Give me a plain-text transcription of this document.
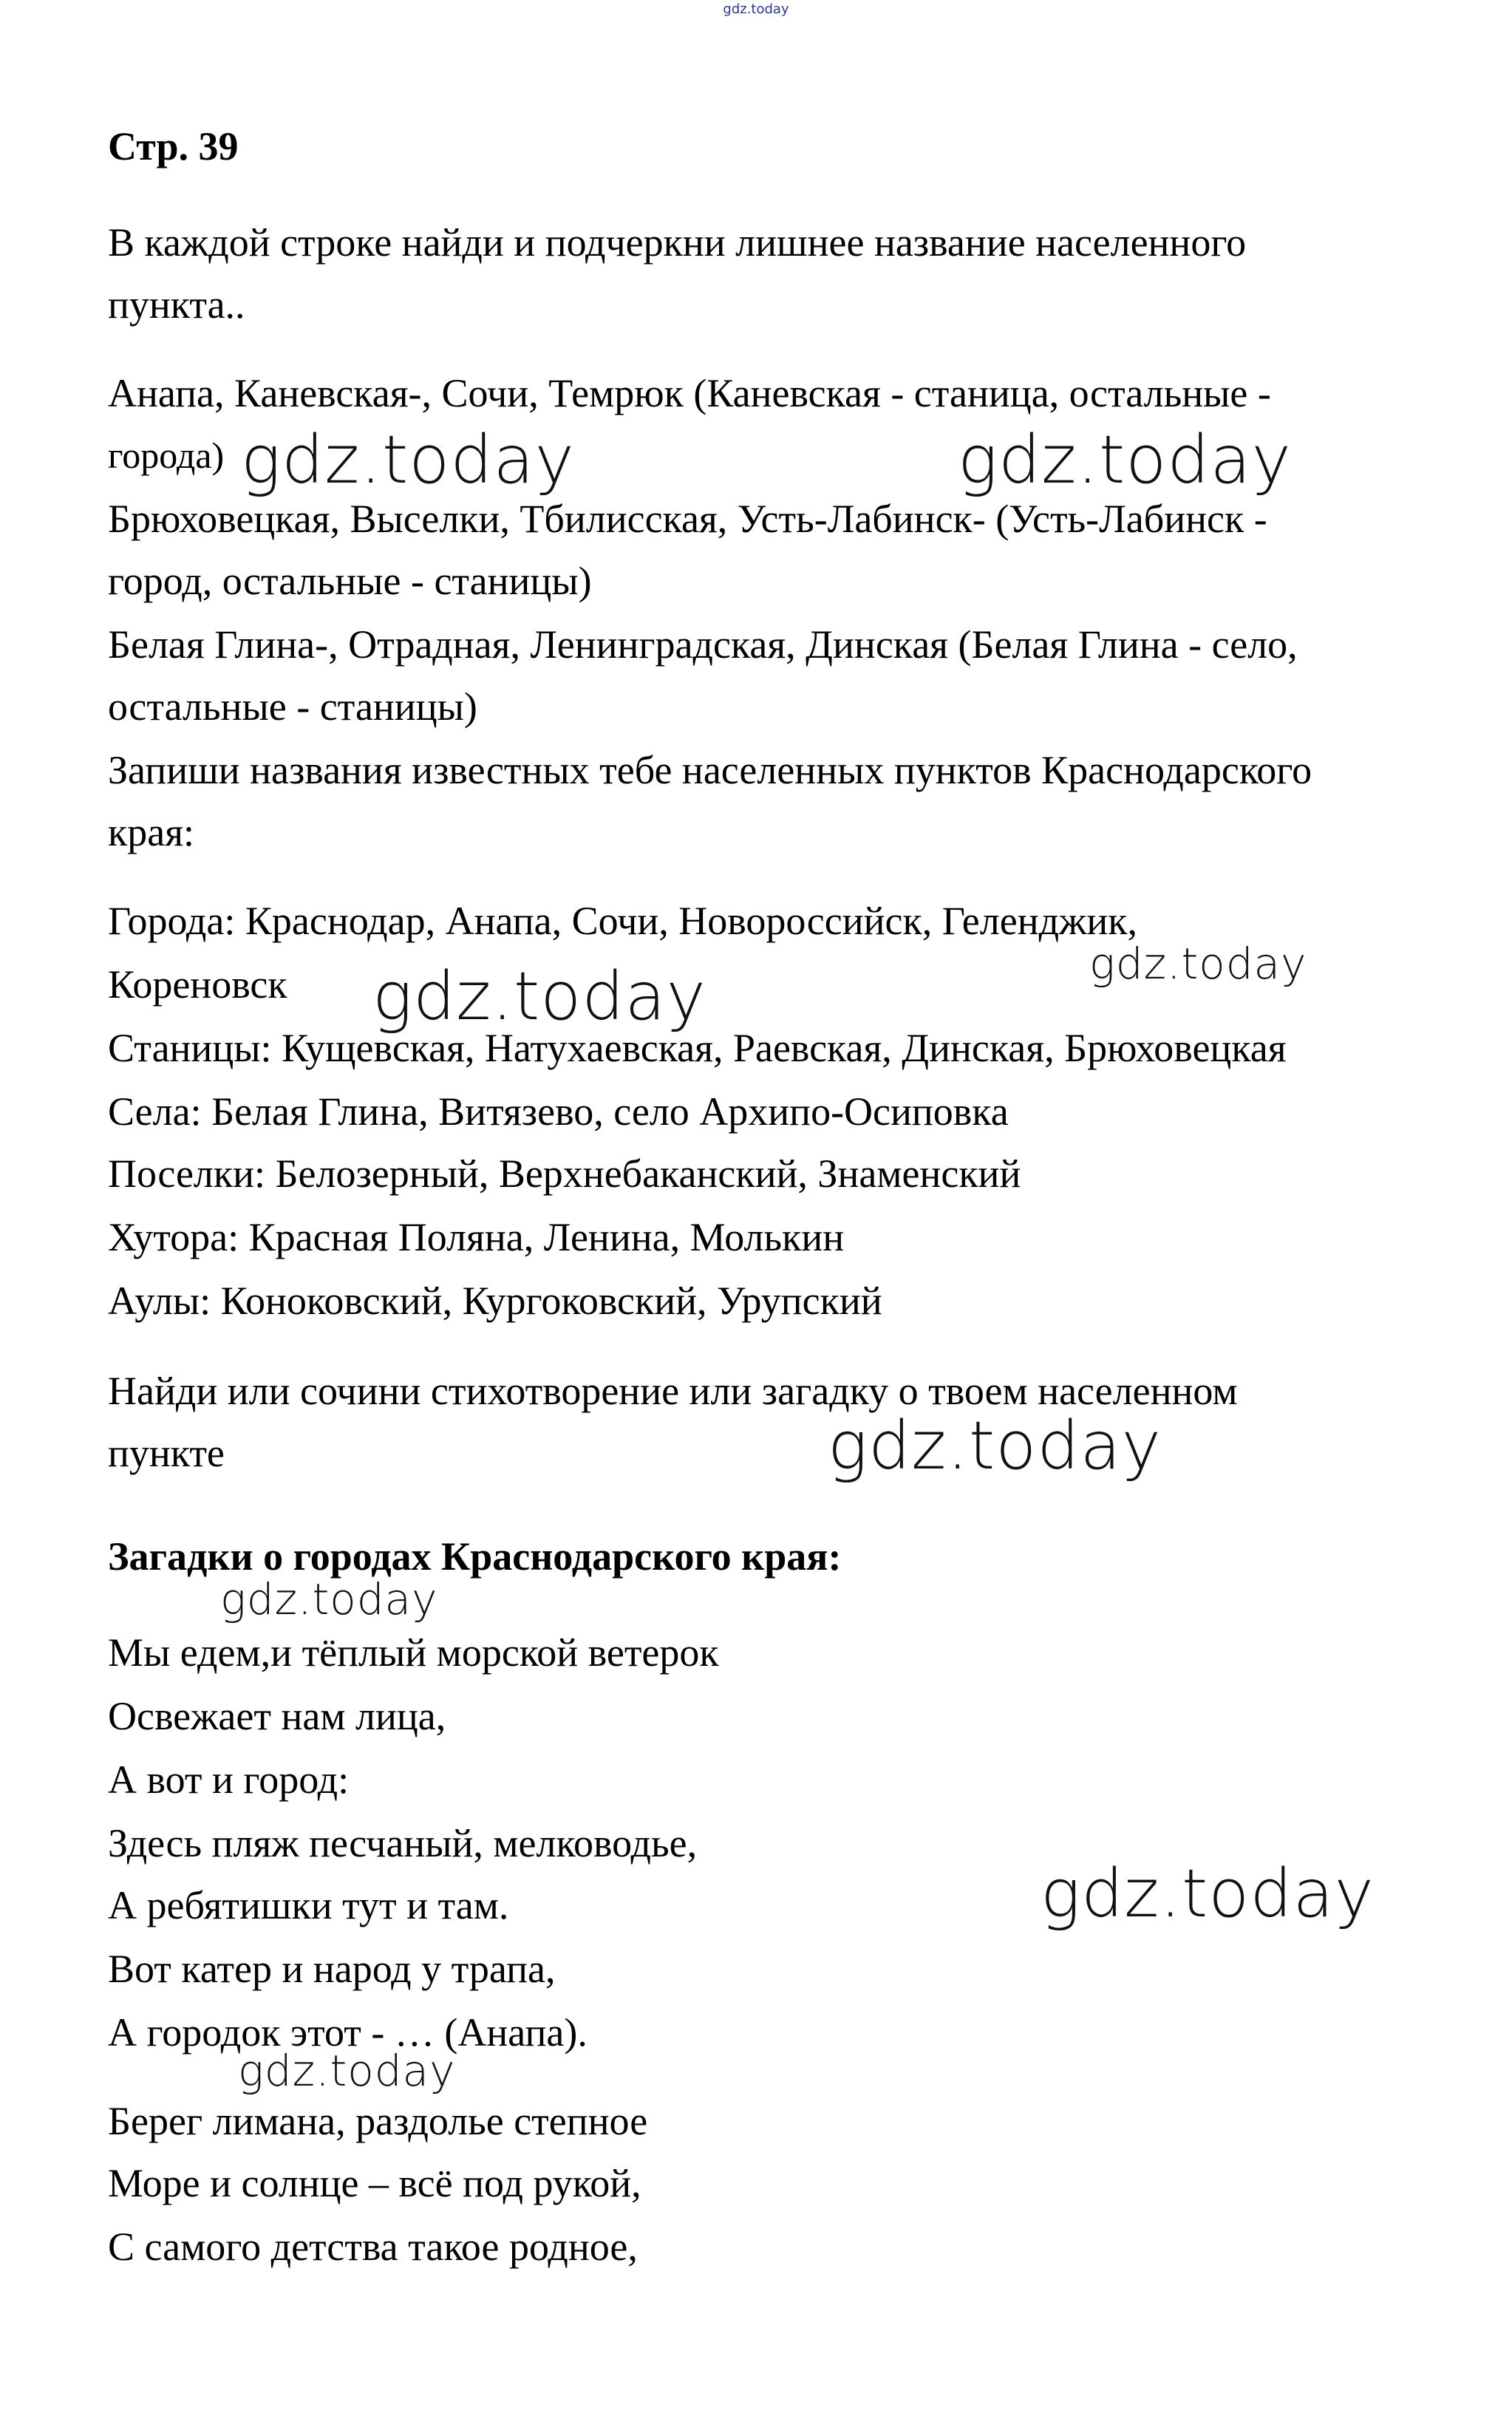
gdz.today
Стр. 39
В каждой строке найди и подчеркни лишнее название населенного
пункта..
Анапа, Каневская-, Сочи, Темрюк (Каневская - станица, остальные -
города)
Брюховецкая, Выселки, Тбилисская, Усть-Лабинск- (Усть-Лабинск -
город, остальные - станицы)
Белая Глина-, Отрадная, Ленинградская, Динская (Белая Глина - село,
остальные - станицы)
Запиши названия известных тебе населенных пунктов Краснодарского
края:
Города: Краснодар, Анапа, Сочи, Новороссийск, Геленджик,
Кореновск
Станицы: Кущевская, Натухаевская, Раевская, Динская, Брюховецкая
Села: Белая Глина, Витязево, село Архипо-Осиповка
Поселки: Белозерный, Верхнебаканский, Знаменский
Хутора: Красная Поляна, Ленина, Молькин
Аулы: Коноковский, Кургоковский, Урупский
Найди или сочини стихотворение или загадку о твоем населенном
пункте
Загадки о городах Краснодарского края:
Мы едем,и тёплый морской ветерок
Освежает нам лица,
А вот и город:
Здесь пляж песчаный, мелководье,
А ребятишки тут и там.
Вот катер и народ у трапа,
А городок этот - … (Анапа).
Берег лимана, раздолье степное
Море и солнце – всё под рукой,
С самого детства такое родное,
gdz.today	gdz.today
gdz.today	gdz.today
gdz.today
gdz.today
gdz.today
gdz.today
